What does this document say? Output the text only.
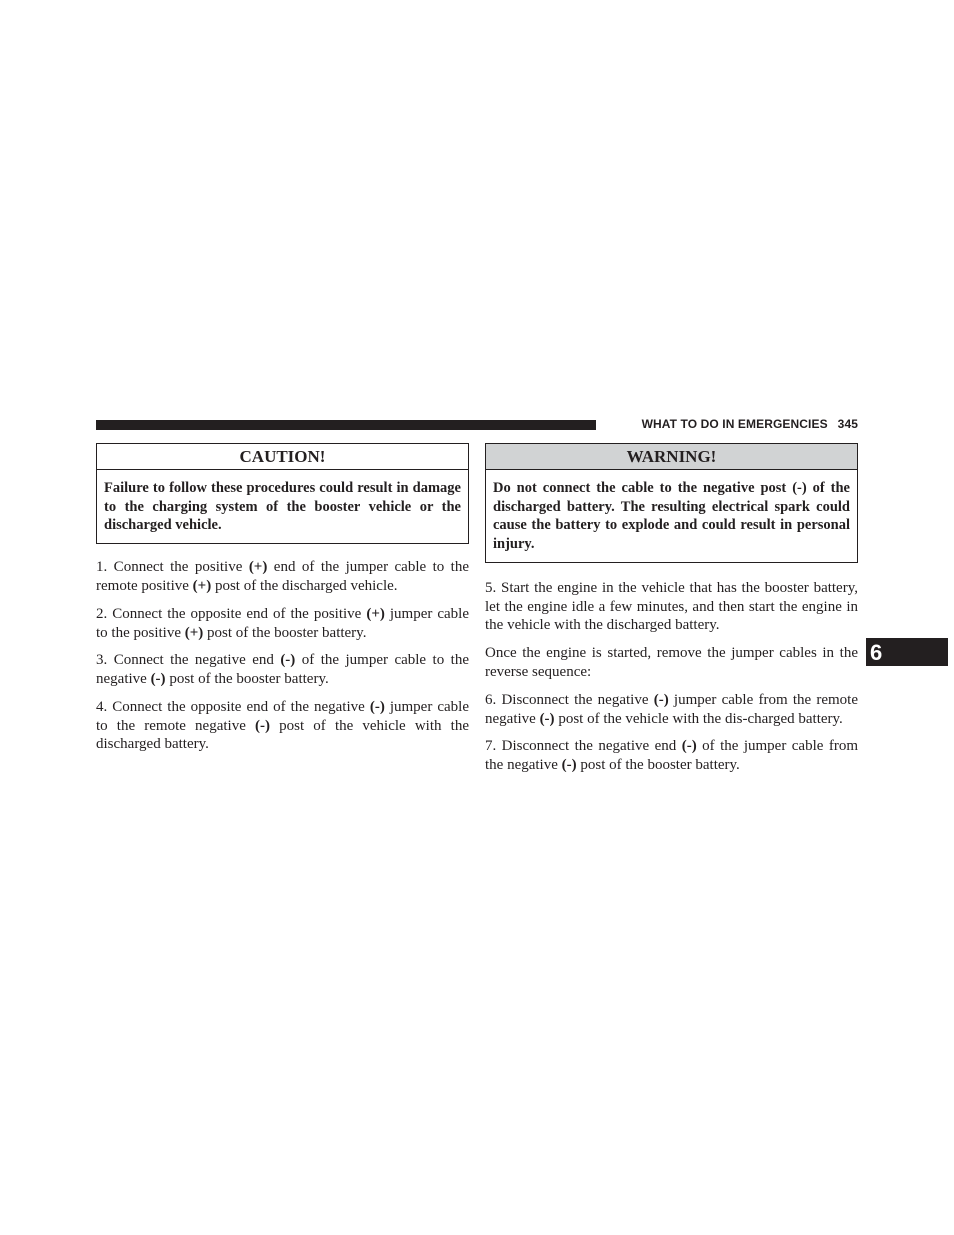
WHAT TO DO IN EMERGENCIES 345
CAUTION!
Failure to follow these procedures could result in damage to the charging system of the booster vehicle or the discharged vehicle.

1. Connect the positive (+) end of the jumper cable to the remote positive (+) post of the discharged vehicle.

2. Connect the opposite end of the positive (+) jumper cable to the positive (+) post of the booster battery.

3. Connect the negative end (-) of the jumper cable to the negative (-) post of the booster battery.

4. Connect the opposite end of the negative (-) jumper cable to the remote negative (-) post of the vehicle with the discharged battery.

WARNING!
Do not connect the cable to the negative post (-) of the discharged battery. The resulting electrical spark could cause the battery to explode and could result in personal injury.

5. Start the engine in the vehicle that has the booster battery, let the engine idle a few minutes, and then start the engine in the vehicle with the discharged battery.

Once the engine is started, remove the jumper cables in the reverse sequence:

6. Disconnect the negative (-) jumper cable from the remote negative (-) post of the vehicle with the dis-charged battery.

7. Disconnect the negative end (-) of the jumper cable from the negative (-) post of the booster battery.

6
